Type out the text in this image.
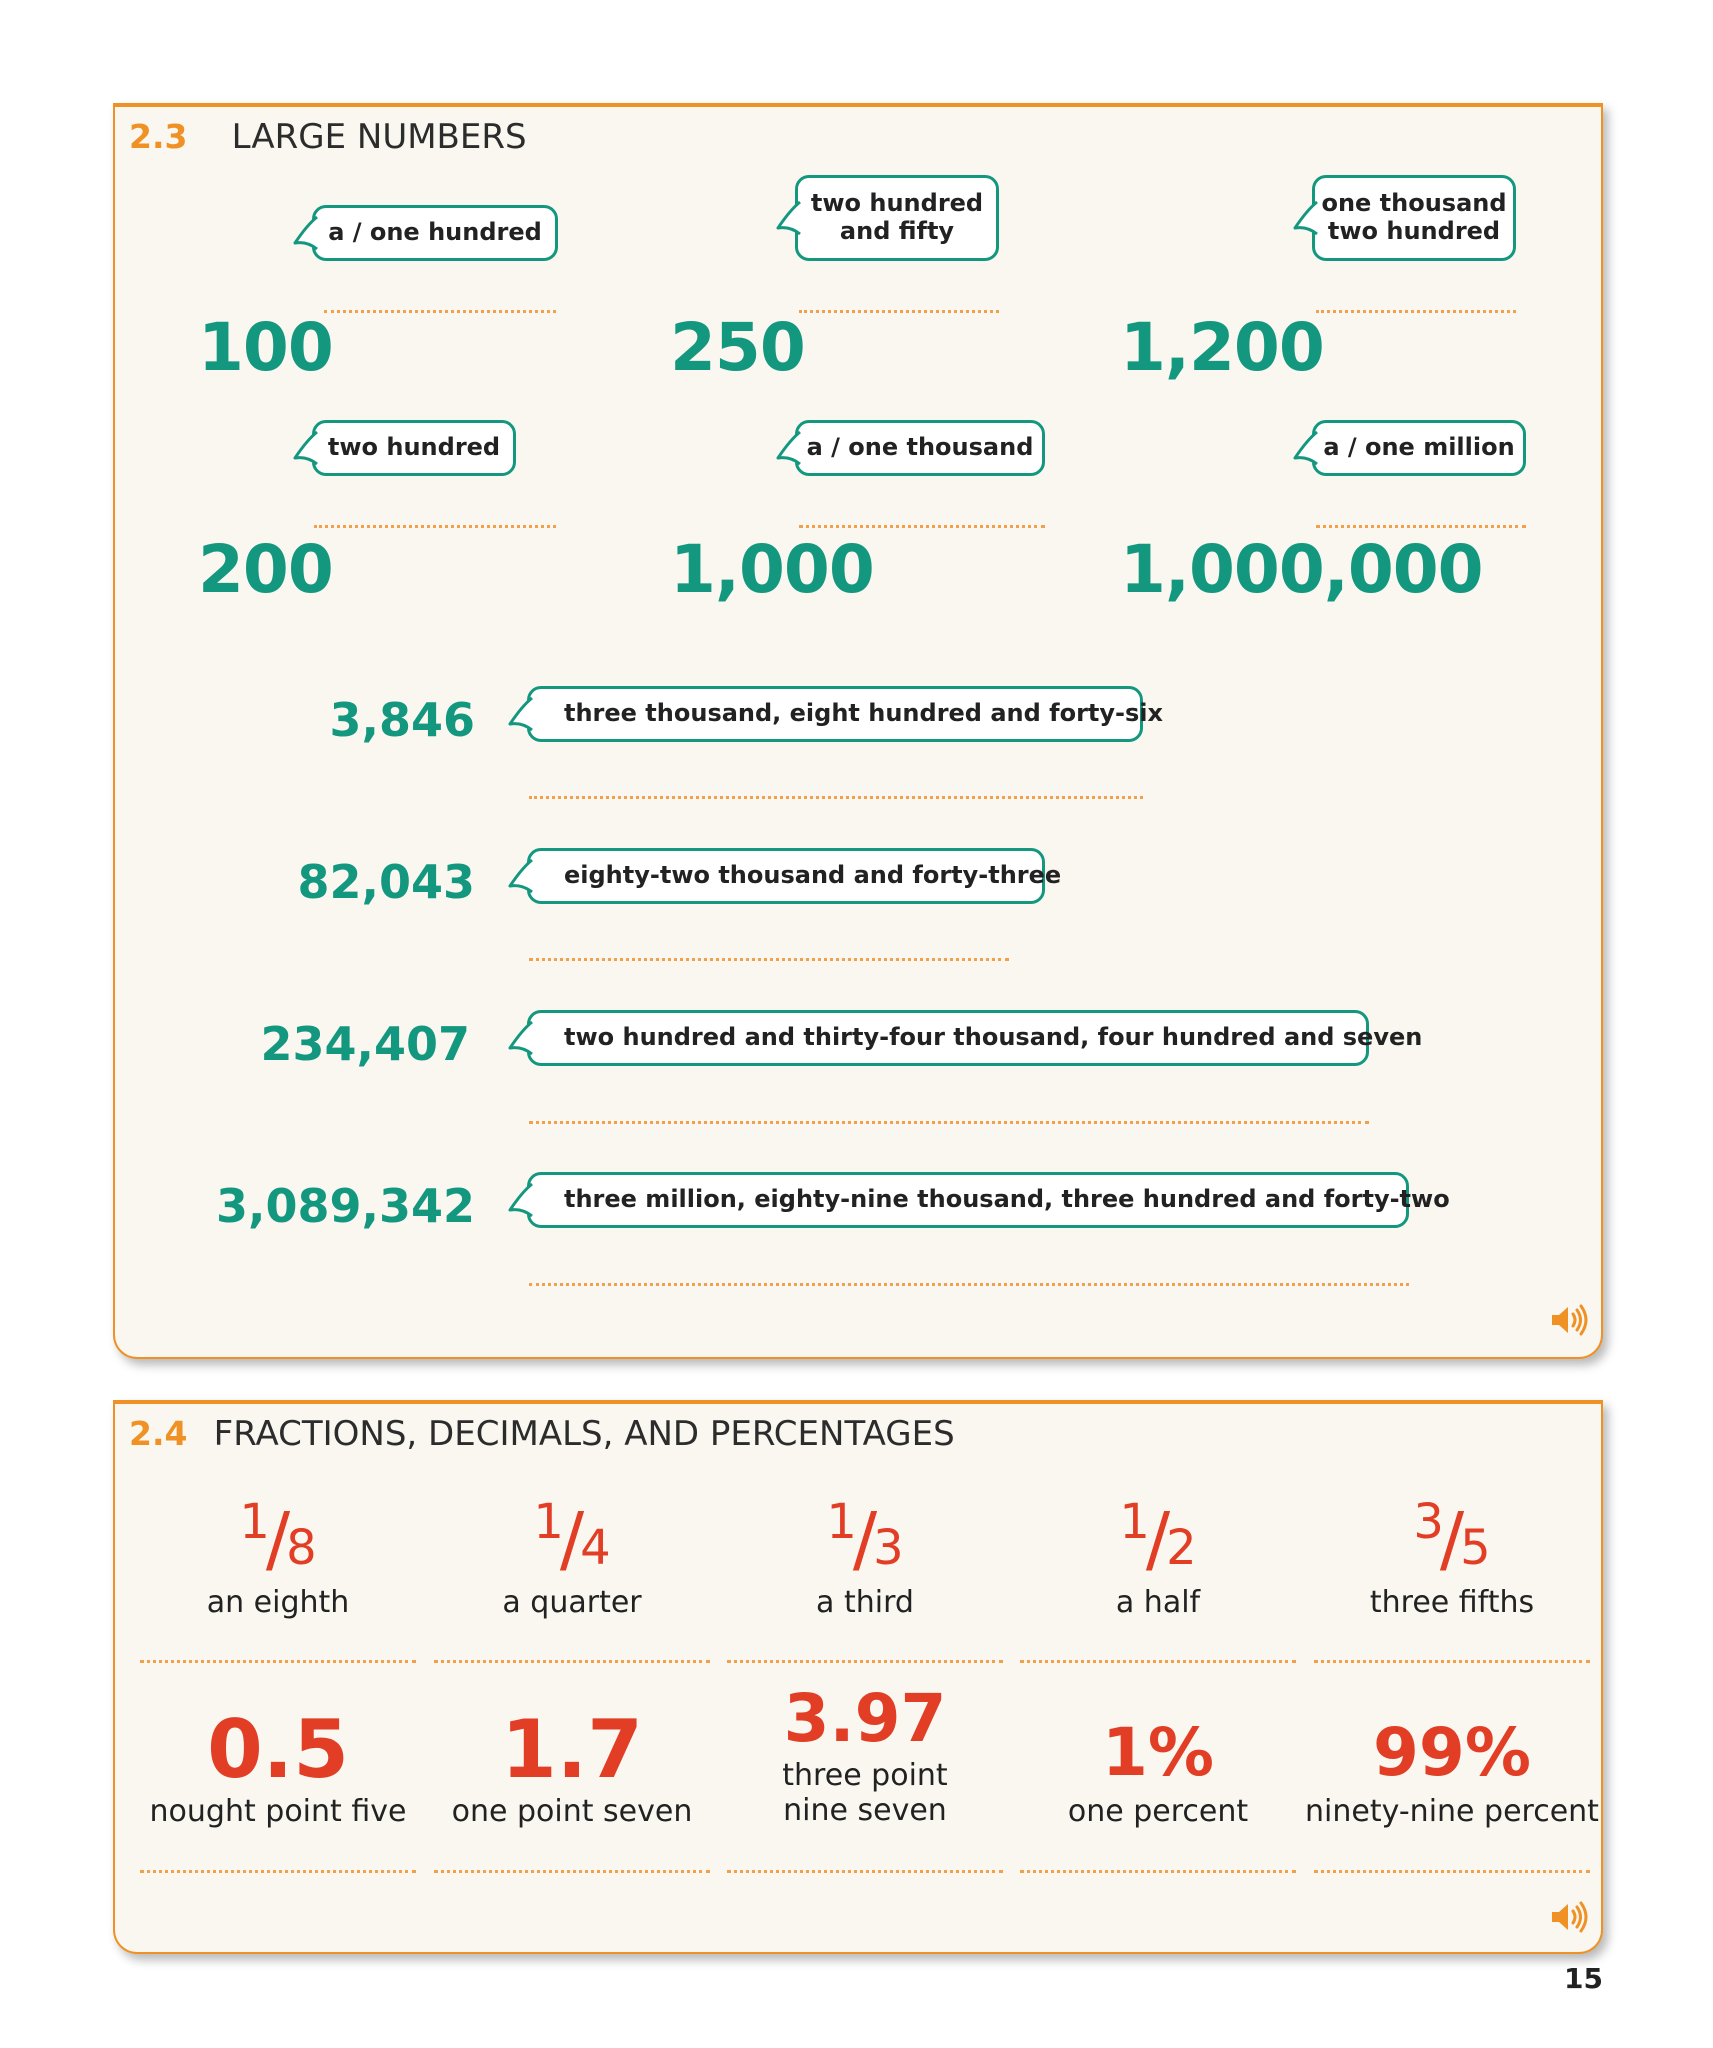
2.3 LARGE NUMBERS
a / one hundred
100
two hundred
and fifty
250
one thousand
two hundred
1,200
two hundred
200
a / one thousand
1,000
a / one million
1,000,000
3,846	three thousand, eight hundred and forty-six
82,043	eighty-two thousand and forty-three
234,407	two hundred and thirty-four thousand, four hundred and seven
3,089,342	three million, eighty-nine thousand, three hundred and forty-two
2.4 FRACTIONS, DECIMALS, AND PERCENTAGES
1/8
an eighth
1/4
a quarter
1/3
a third
1/2
a half
3/5
three fifths
0.5
nought point five
1.7
one point seven
3.97
three point
nine seven
1%
one percent
99%
ninety-nine percent
15
